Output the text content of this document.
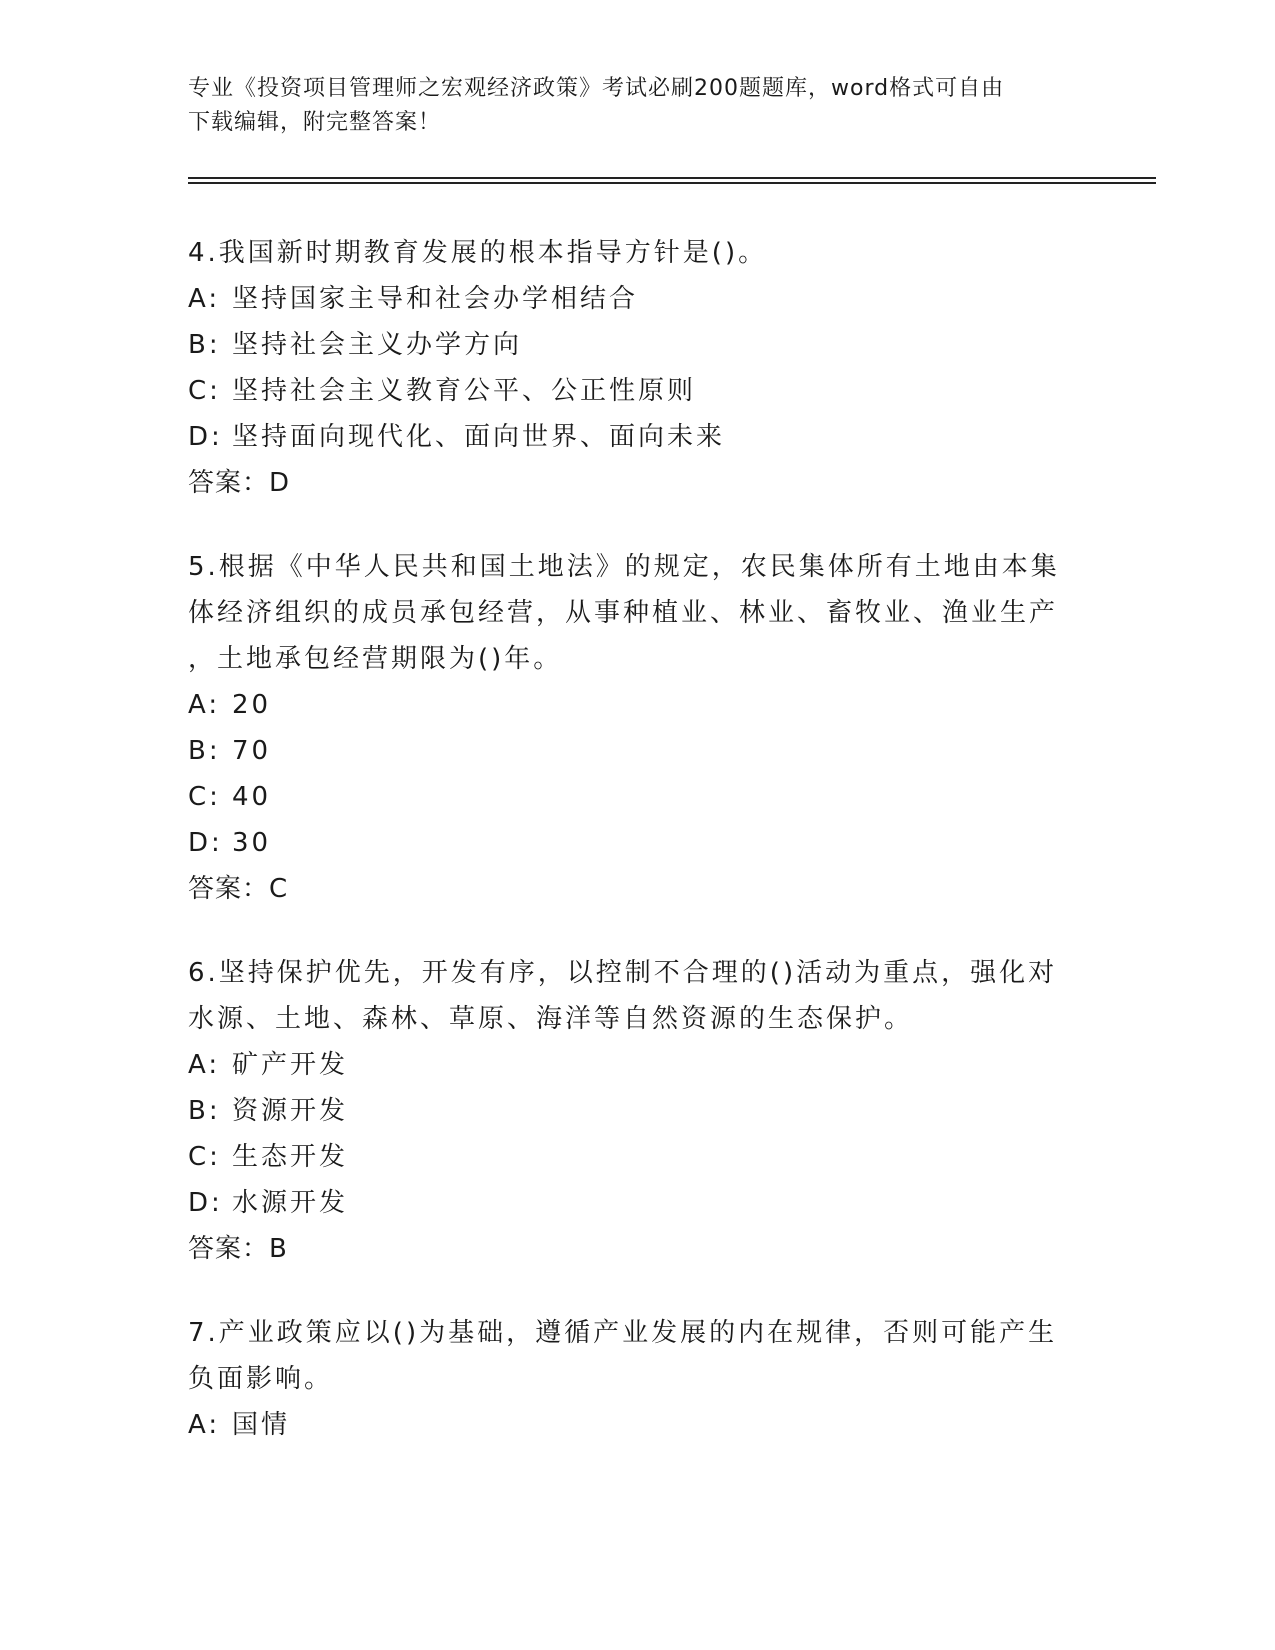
专业《投资项目管理师之宏观经济政策》考试必刷200题题库，word格式可自由
下载编辑，附完整答案！
4.我国新时期教育发展的根本指导方针是()。
A: 坚持国家主导和社会办学相结合
B: 坚持社会主义办学方向
C: 坚持社会主义教育公平、公正性原则
D: 坚持面向现代化、面向世界、面向未来
答案：D
5.根据《中华人民共和国土地法》的规定，农民集体所有土地由本集
体经济组织的成员承包经营，从事种植业、林业、畜牧业、渔业生产
，土地承包经营期限为()年。
A: 20
B: 70
C: 40
D: 30
答案：C
6.坚持保护优先，开发有序，以控制不合理的()活动为重点，强化对
水源、土地、森林、草原、海洋等自然资源的生态保护。
A: 矿产开发
B: 资源开发
C: 生态开发
D: 水源开发
答案：B
7.产业政策应以()为基础，遵循产业发展的内在规律，否则可能产生
负面影响。
A: 国情
